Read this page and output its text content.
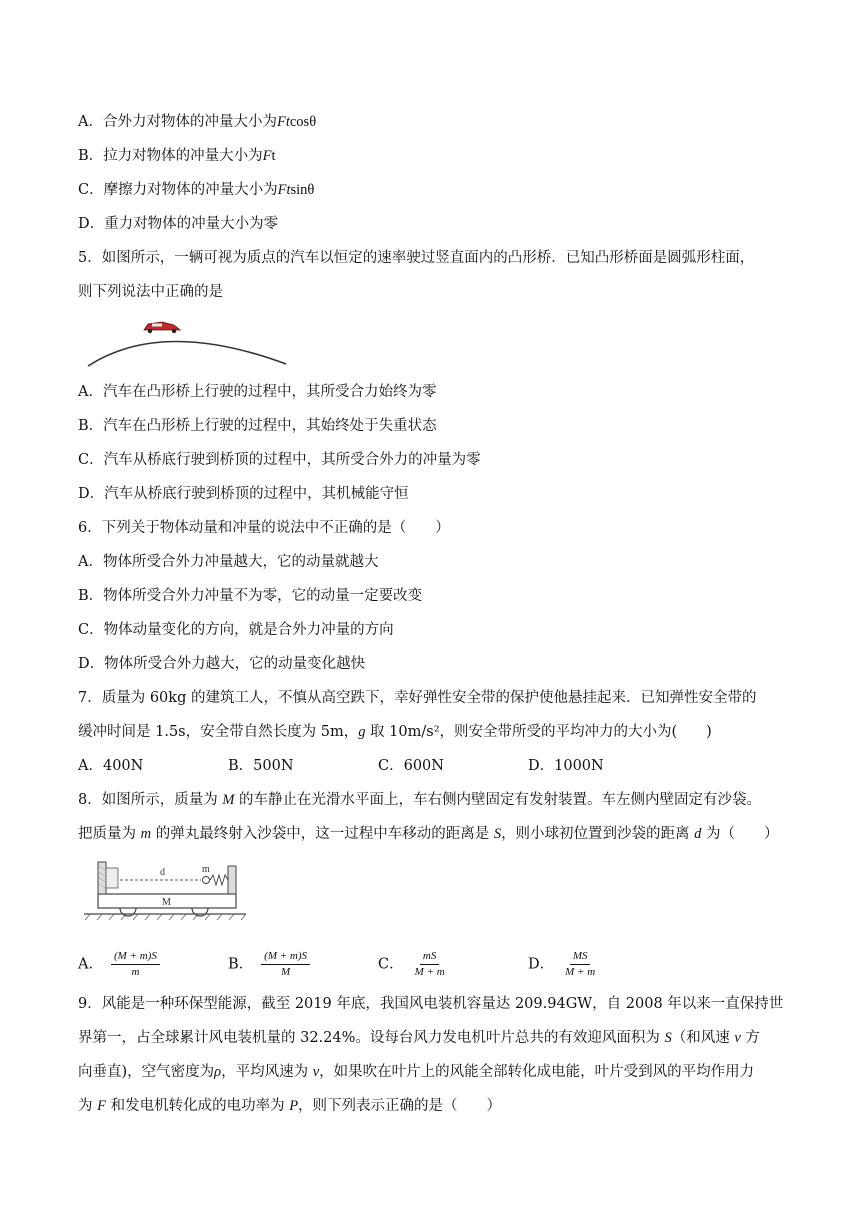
A．合外力对物体的冲量大小为Ftcosθ
B．拉力对物体的冲量大小为Ft
C．摩擦力对物体的冲量大小为Ftsinθ
D．重力对物体的冲量大小为零
5．如图所示，一辆可视为质点的汽车以恒定的速率驶过竖直面内的凸形桥．已知凸形桥面是圆弧形柱面，
则下列说法中正确的是
A．汽车在凸形桥上行驶的过程中，其所受合力始终为零
B．汽车在凸形桥上行驶的过程中，其始终处于失重状态
C．汽车从桥底行驶到桥顶的过程中，其所受合外力的冲量为零
D．汽车从桥底行驶到桥顶的过程中，其机械能守恒
6．下列关于物体动量和冲量的说法中不正确的是（　　）
A．物体所受合外力冲量越大，它的动量就越大
B．物体所受合外力冲量不为零，它的动量一定要改变
C．物体动量变化的方向，就是合外力冲量的方向
D．物体所受合外力越大，它的动量变化越快
7．质量为 60kg 的建筑工人，不慎从高空跌下，幸好弹性安全带的保护使他悬挂起来．已知弹性安全带的
缓冲时间是 1.5s，安全带自然长度为 5m，g 取 10m/s²，则安全带所受的平均冲力的大小为(　　)
A．400N	B．500N	C．600N	D．1000N
8．如图所示，质量为 M 的车静止在光滑水平面上，车右侧内壁固定有发射装置。车左侧内壁固定有沙袋。
把质量为 m 的弹丸最终射入沙袋中，这一过程中车移动的距离是 S，则小球初位置到沙袋的距离 d 为（　　）
M
m
d
A． $\frac{(M + m)S}{m}$	B． $\frac{(M + m)S}{M}$	C． $\frac{mS}{M + m}$	D． $\frac{MS}{M + m}$
9．风能是一种环保型能源，截至 2019 年底，我国风电装机容量达 209.94GW，自 2008 年以来一直保持世
界第一，占全球累计风电装机量的 32.24%。设每台风力发电机叶片总共的有效迎风面积为 S（和风速 v 方
向垂直)，空气密度为ρ，平均风速为 v，如果吹在叶片上的风能全部转化成电能，叶片受到风的平均作用力
为 F 和发电机转化成的电功率为 P，则下列表示正确的是（　　）
